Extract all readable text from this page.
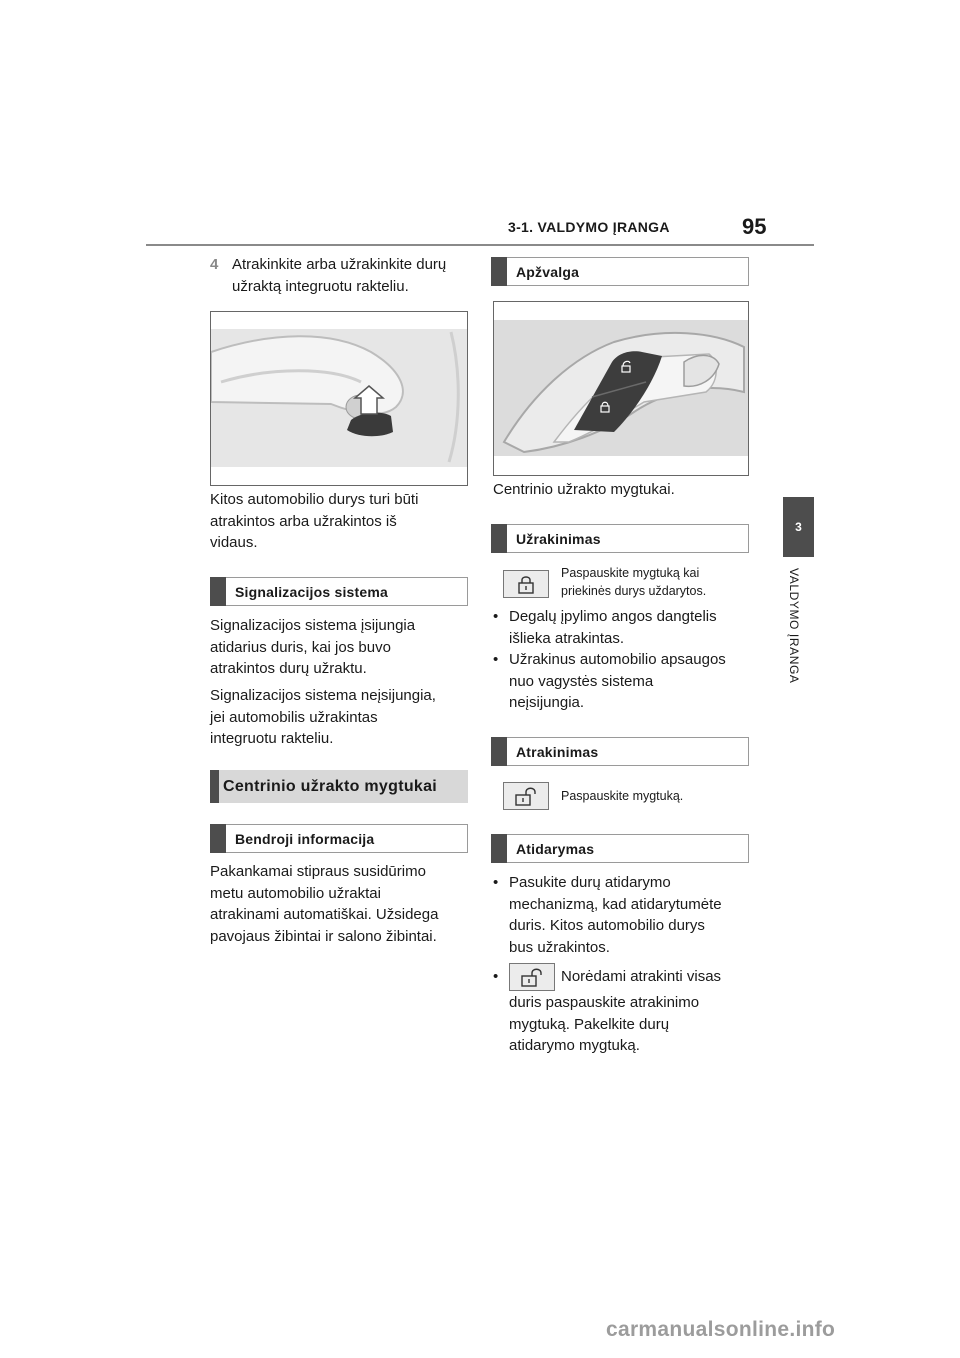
3-1. VALDYMO ĮRANGA	95
3
VALDYMO ĮRANGA
4 Atrakinkite arba užrakinkite durų
užraktą integruotu rakteliu.
Kitos automobilio durys turi būti
atrakintos arba užrakintos iš
vidaus.
Signalizacijos sistema
Signalizacijos sistema įsijungia
atidarius duris, kai jos buvo
atrakintos durų užraktu.
Signalizacijos sistema neįsijungia,
jei automobilis užrakintas
integruotu rakteliu.
Centrinio užrakto mygtukai
Bendroji informacija
Pakankamai stipraus susidūrimo
metu automobilio užraktai
atrakinami automatiškai. Užsidega
pavojaus žibintai ir salono žibintai.
Apžvalga
Centrinio užrakto mygtukai.
Užrakinimas
Paspauskite mygtuką kai
priekinės durys uždarytos.
• Degalų įpylimo angos dangtelis
išlieka atrakintas.
• Užrakinus automobilio apsaugos
nuo vagystės sistema
neįsijungia.
Atrakinimas
Paspauskite mygtuką.
Atidarymas
• Pasukite durų atidarymo
mechanizmą, kad atidarytumėte
duris. Kitos automobilio durys
bus užrakintos.
•	Norėdami atrakinti visas
duris paspauskite atrakinimo
mygtuką. Pakelkite durų
atidarymo mygtuką.
carmanualsonline.info
